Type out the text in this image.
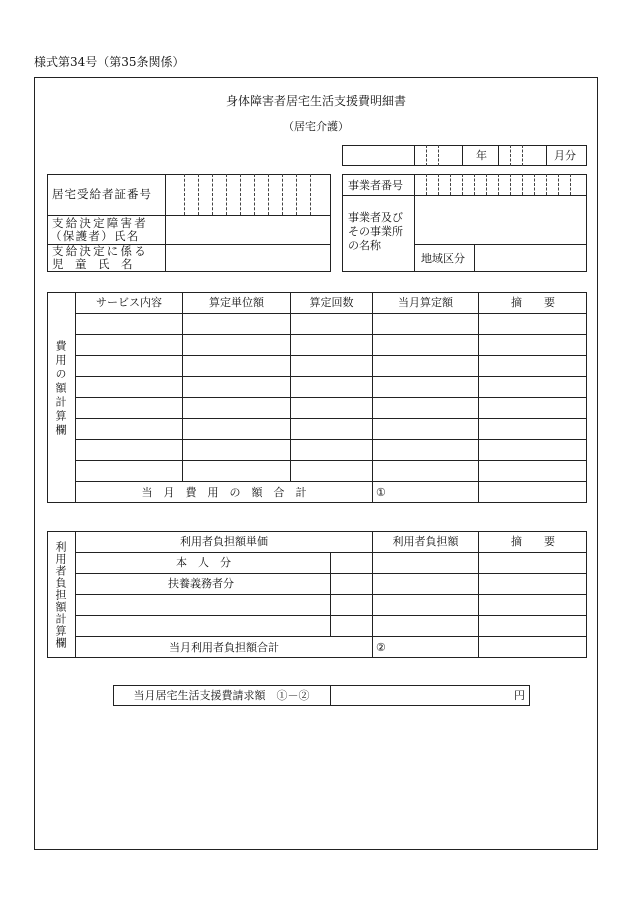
様式第34号（第35条関係）
身体障害者居宅生活支援費明細書
（居宅介護）
年	月分
居宅受給者証番号
支給決定障害者
（保護者）氏名
支給決定に係る
児　童　氏　名
事業者番号
事業者及び
その事業所
の名称
地域区分
費用の額計算欄
サービス内容	算定単位額	算定回数	当月算定額	摘　　要
当　月　費　用　の　額　合　計	①
利用者負担額計算欄	利用者負担額単価	利用者負担額	摘　　要
本　人　分
扶養義務者分
当月利用者負担額合計	②
当月居宅生活支援費請求額　①－②	円
